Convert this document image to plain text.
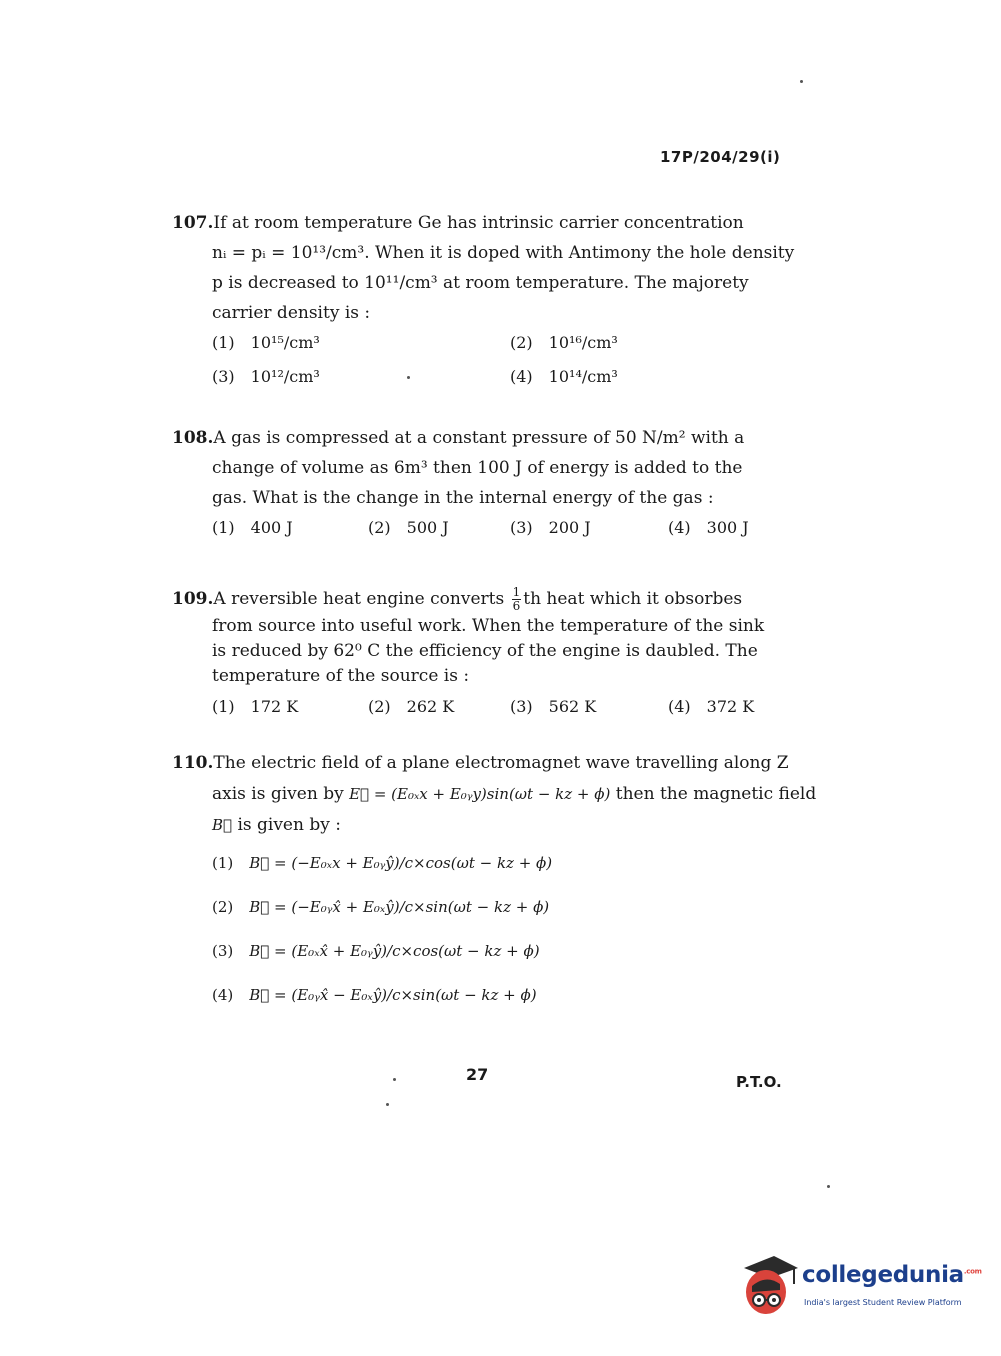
17P/204/29(i)
107.If at room temperature Ge has intrinsic carrier concentration
nᵢ = pᵢ = 10¹³/cm³. When it is doped with Antimony the hole density
p is decreased to 10¹¹/cm³ at room temperature. The majorety
carrier density is :
(1) 10¹⁵/cm³	(2) 10¹⁶/cm³
(3) 10¹²/cm³	(4) 10¹⁴/cm³
108.A gas is compressed at a constant pressure of 50 N/m² with a
change of volume as 6m³ then 100 J of energy is added to the
gas. What is the change in the internal energy of the gas :
(1) 400 J	(2) 500 J	(3) 200 J	(4) 300 J
109.A reversible heat engine converts $\frac{1}{6}$ th heat which it obsorbes
from source into useful work. When the temperature of the sink
is reduced by 62⁰ C the efficiency of the engine is daubled. The
temperature of the source is :
(1) 172 K	(2) 262 K	(3) 562 K	(4) 372 K
110.The electric field of a plane electromagnet wave travelling along Z
axis is given by E⃗ = (E₀ₓx + E₀ᵧy)sin(ωt − kz + ϕ) then the magnetic field
B⃗ is given by :
(1) B⃗ = (−E₀ₓx + E₀ᵧŷ)/c×cos(ωt − kz + ϕ)
(2) B⃗ = (−E₀ᵧx̂ + E₀ₓŷ)/c×sin(ωt − kz + ϕ)
(3) B⃗ = (E₀ₓx̂ + E₀ᵧŷ)/c×cos(ωt − kz + ϕ)
(4) B⃗ = (E₀ᵧx̂ − E₀ₓŷ)/c×sin(ωt − kz + ϕ)
27	P.T.O.
collegedunia$^{.com}$
India's largest Student Review Platform
